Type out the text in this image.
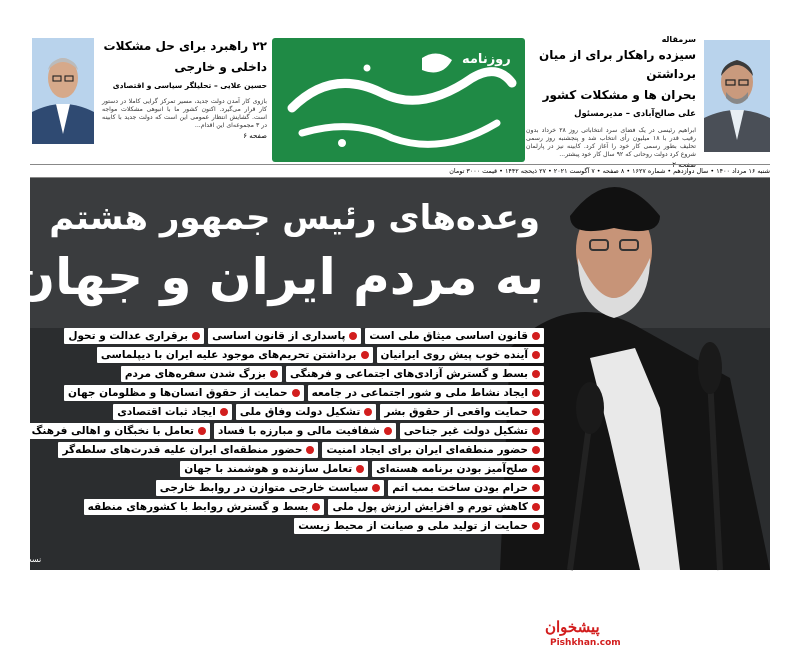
سرمقاله
سیزده راهکار برای از میان برداشتن
بحران ها و مشکلات کشور
علی صالح‌آبادی – مدیرمسئول
ابراهیم رئیسی در یک فضای سرد انتخاباتی روز ۲۸ خرداد بدون رقیب قدر با ۱۸ میلیون رأی انتخاب شد و پنجشنبه روز رسمی تحلیف بطور رسمی کار خود را آغاز کرد. کابینه نیز در پارلمان شروع کرد دولت روحانی که ۹۲ سال کار خود پیشتر...
صفحه ۲
روزنامه
۲۲ راهبرد برای حل مشکلات
داخلی و خارجی
حسین علایی – تحلیلگر سیاسی و اقتصادی
بازوی کار آمدن دولت جدید، مسیر تمرکز گرایی کاملا در دستور کار قرار می‌گیرد. اکنون کشور ما با انبوهی مشکلات مواجه است. گشایش انتظار عمومی این است که دولت جدید با کابینه در ۳ مجموعه‌ای این اقدام...
صفحه ۶
شنبه ۱۶ مرداد ۱۴۰۰ • سال دوازدهم • شماره ۱۶۲۷ • ۸ صفحه • ۷ آگوست ۲۰۲۱ • ۲۷ ذیحجه ۱۴۴۲ • قیمت ۳۰۰۰ تومان
وعده‌های رئیس جمهور هشتم
به مردم ایران و جهان
قانون اساسی میثاق ملی است
پاسداری از قانون اساسی
برقراری عدالت و تحول
آینده خوب پیش روی ایرانیان
برداشتن تحریم‌های موجود علیه ایران با دیپلماسی
بسط و گسترش آزادی‌های اجتماعی و فرهنگی
بزرگ شدن سفره‌های مردم
ایجاد نشاط ملی و شور اجتماعی در جامعه
حمایت از حقوق انسان‌ها و مظلومان جهان
حمایت واقعی از حقوق بشر
تشکیل دولت وفاق ملی
ایجاد ثبات اقتصادی
تشکیل دولت غیر جناحی
شفافیت مالی و مبارزه با فساد
تعامل با نخبگان و اهالی فرهنگ
حضور منطقه‌ای ایران برای ایجاد امنیت
حضور منطقه‌ای ایران علیه قدرت‌های سلطه‌گر
صلح‌آمیز بودن برنامه هسته‌ای
تعامل سازنده و هوشمند با جهان
حرام بودن ساخت بمب اتم
سیاست خارجی متوازن در روابط خارجی
کاهش تورم و افزایش ارزش پول ملی
بسط و گسترش روابط با کشورهای منطقه
حمایت از تولید ملی و صیانت از محیط زیست
پیشخوان
Pishkhan.com
نسخت ۷
